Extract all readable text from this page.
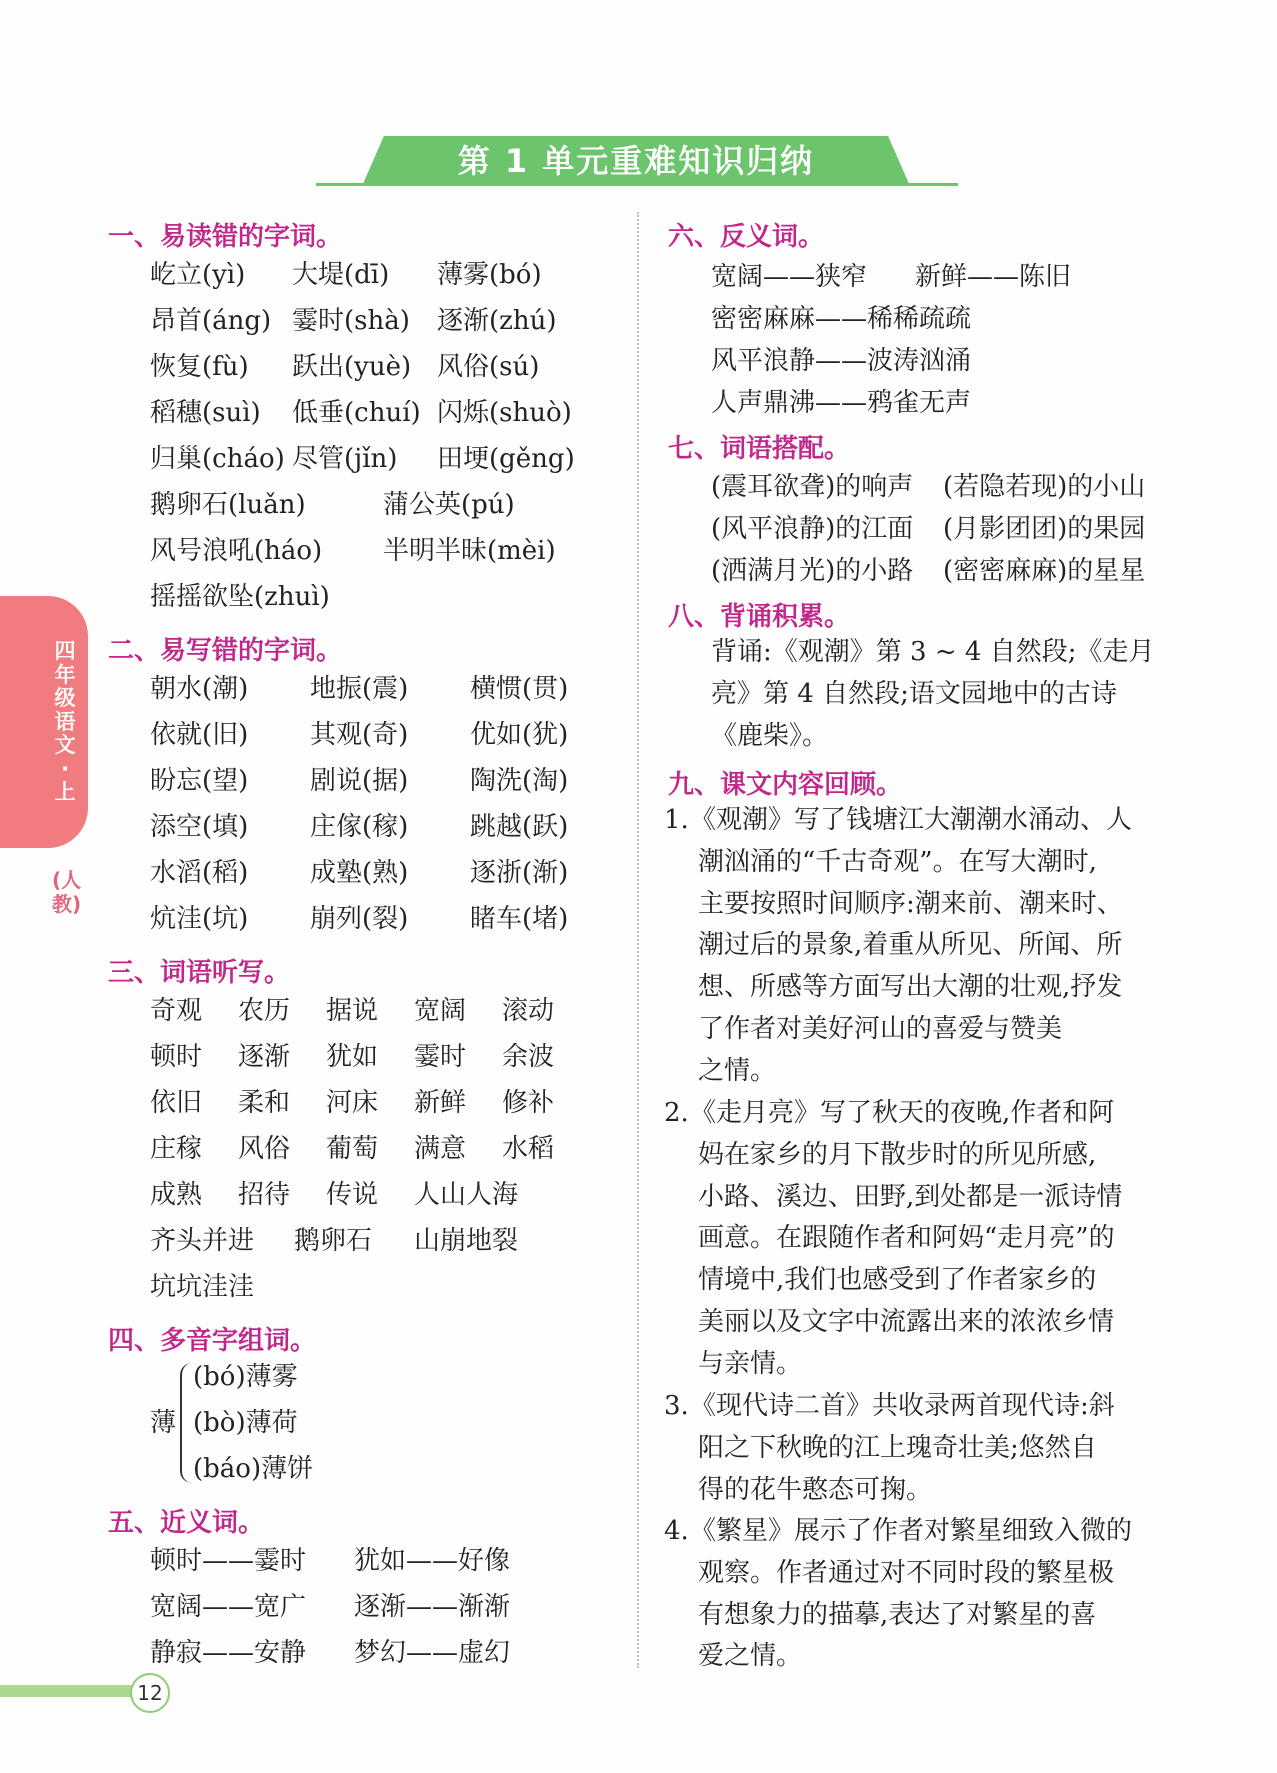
第 1 单元重难知识归纳
四年级语文·上
(人教)
一、易读错的字词。
屹立(yì) 大堤(dī) 薄雾(bó)
昂首(áng) 霎时(shà) 逐渐(zhú)
恢复(fù) 跃出(yuè) 风俗(sú)
稻穗(suì) 低垂(chuí) 闪烁(shuò)
归巢(cháo) 尽管(jǐn) 田埂(gěng)
鹅卵石(luǎn)	蒲公英(pú)
风号浪吼(háo) 半明半昧(mèi)
摇摇欲坠(zhuì)
二、易写错的字词。
朝水(潮) 地振(震) 横惯(贯)
依就(旧) 其观(奇) 优如(犹)
盼忘(望) 剧说(据) 陶洗(淘)
添空(填) 庄傢(稼) 跳越(跃)
水滔(稻) 成塾(熟) 逐浙(渐)
炕洼(坑) 崩列(裂) 睹车(堵)
三、词语听写。
奇观 农历 据说 宽阔 滚动
顿时 逐渐 犹如 霎时 余波
依旧 柔和 河床 新鲜 修补
庄稼 风俗 葡萄 满意 水稻
成熟 招待 传说 人山人海
齐头并进 鹅卵石 山崩地裂
坑坑洼洼
四、多音字组词。
薄
(bó)薄雾
(bò)薄荷
(báo)薄饼
五、近义词。
顿时——霎时 犹如——好像
宽阔——宽广 逐渐——渐渐
静寂——安静 梦幻——虚幻
六、反义词。
宽阔——狭窄 新鲜——陈旧
密密麻麻——稀稀疏疏
风平浪静——波涛汹涌
人声鼎沸——鸦雀无声
七、词语搭配。
(震耳欲聋)的响声 (若隐若现)的小山
(风平浪静)的江面 (月影团团)的果园
(洒满月光)的小路 (密密麻麻)的星星
八、背诵积累。
背诵:《观潮》第 3 ~ 4 自然段;《走月
亮》第 4 自然段;语文园地中的古诗
《鹿柴》。
九、课文内容回顾。
1. 《观潮》写了钱塘江大潮潮水涌动、人
潮汹涌的“千古奇观”。在写大潮时,
主要按照时间顺序:潮来前、潮来时、
潮过后的景象,着重从所见、所闻、所
想、所感等方面写出大潮的壮观,抒发
了作者对美好河山的喜爱与赞美
之情。
2. 《走月亮》写了秋天的夜晚,作者和阿
妈在家乡的月下散步时的所见所感,
小路、溪边、田野,到处都是一派诗情
画意。在跟随作者和阿妈“走月亮”的
情境中,我们也感受到了作者家乡的
美丽以及文字中流露出来的浓浓乡情
与亲情。
3. 《现代诗二首》共收录两首现代诗:斜
阳之下秋晚的江上瑰奇壮美;悠然自
得的花牛憨态可掬。
4. 《繁星》展示了作者对繁星细致入微的
观察。作者通过对不同时段的繁星极
有想象力的描摹,表达了对繁星的喜
爱之情。
12
